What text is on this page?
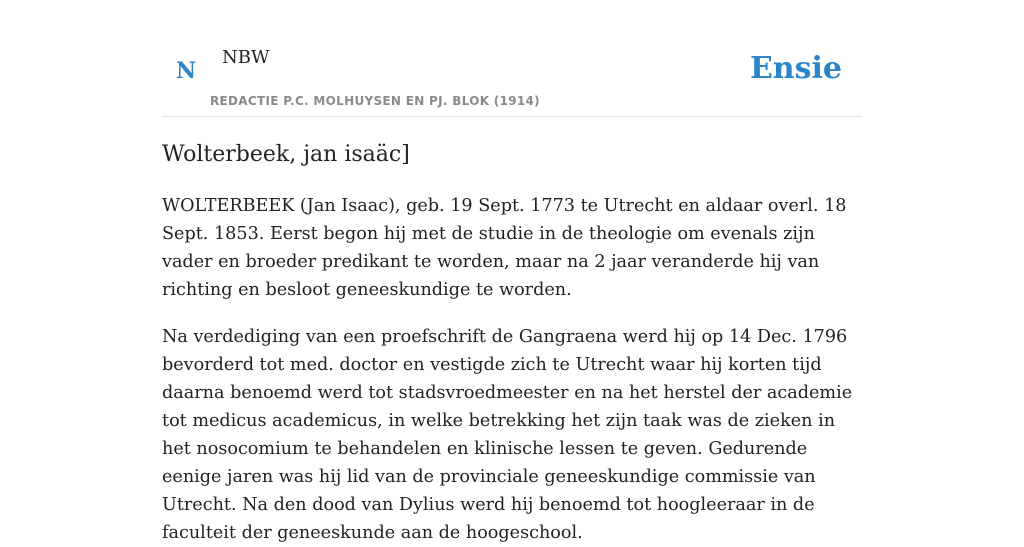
N
NBW
REDACTIE P.C. MOLHUYSEN EN PJ. BLOK (1914)
Ensie
Wolterbeek, jan isaäc]

WOLTERBEEK (Jan Isaac), geb. 19 Sept. 1773 te Utrecht en aldaar overl. 18 Sept. 1853. Eerst begon hij met de studie in de theologie om evenals zijn vader en broeder predikant te worden, maar na 2 jaar veranderde hij van richting en besloot geneeskundige te worden.

Na verdediging van een proefschrift de Gangraena werd hij op 14 Dec. 1796 bevorderd tot med. doctor en vestigde zich te Utrecht waar hij korten tijd daarna benoemd werd tot stadsvroedmeester en na het herstel der academie tot medicus academicus, in welke betrekking het zijn taak was de zieken in het nosocomium te behandelen en klinische lessen te geven. Gedurende eenige jaren was hij lid van de provinciale geneeskundige commissie van Utrecht. Na den dood van Dylius werd hij benoemd tot hoogleeraar in de faculteit der geneeskunde aan de hoogeschool.
